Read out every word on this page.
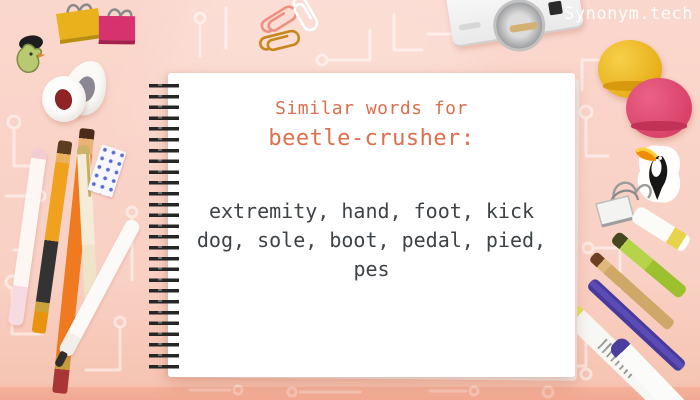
Synonym.tech
Similar words for
beetle-crusher:
extremity, hand, foot, kick
dog, sole, boot, pedal, pied,
pes
